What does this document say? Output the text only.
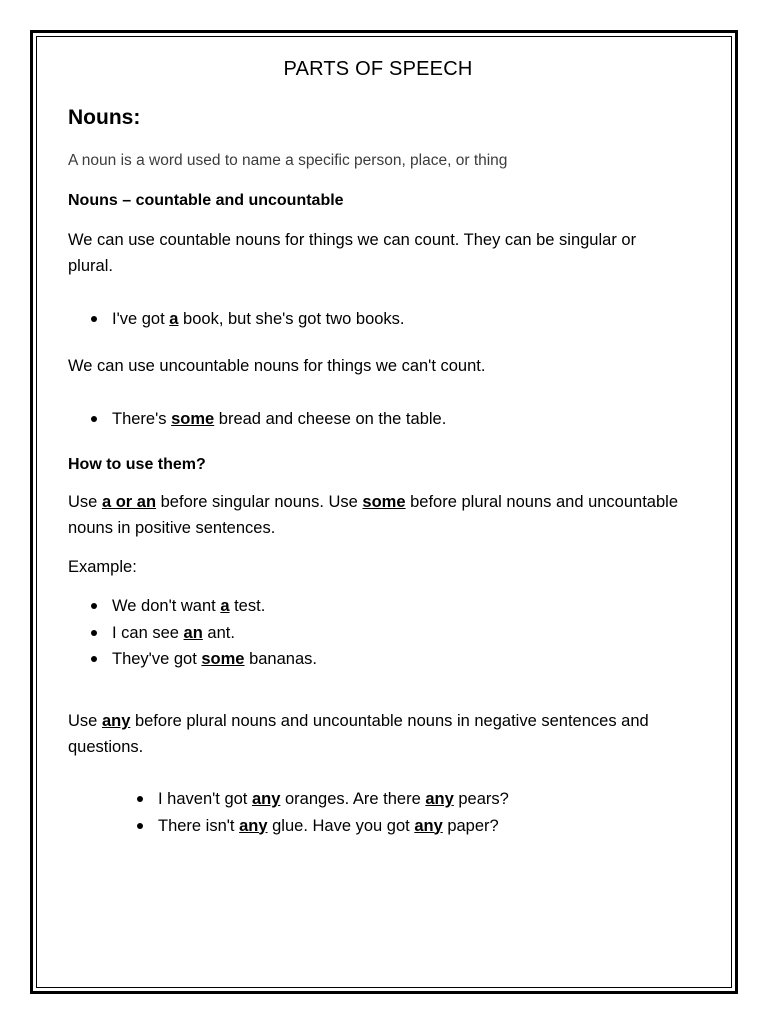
PARTS OF SPEECH
Nouns:

A noun is a word used to name a specific person, place, or thing

Nouns – countable and uncountable

We can use countable nouns for things we can count. They can be singular or plural.

I've got a book, but she's got two books.

We can use uncountable nouns for things we can't count.

There's some bread and cheese on the table.

How to use them?

Use a or an before singular nouns. Use some before plural nouns and uncountable nouns in positive sentences.

Example:

We don't want a test.
I can see an ant.
They've got some bananas.

Use any before plural nouns and uncountable nouns in negative sentences and questions.

I haven't got any oranges. Are there any pears?
There isn't any glue. Have you got any paper?
